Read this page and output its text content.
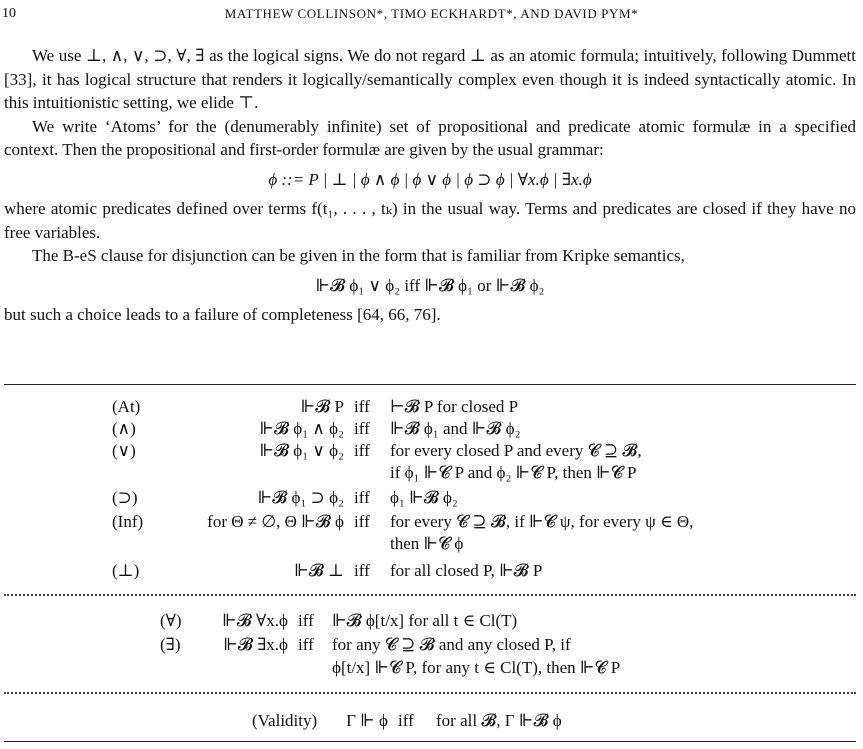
10	MATTHEW COLLINSON*, TIMO ECKHARDT*, AND DAVID PYM*

We use ⊥, ∧, ∨, ⊃, ∀, ∃ as the logical signs. We do not regard ⊥ as an atomic formula; intuitively, following Dummett [33], it has logical structure that renders it logically/semantically complex even though it is indeed syntactically atomic. In this intuitionistic setting, we elide ⊤.

We write ‘Atoms’ for the (denumerably infinite) set of propositional and predicate atomic formulæ in a specified context. Then the propositional and first-order formulæ are given by the usual grammar:

ϕ ::= P | ⊥ | ϕ ∧ ϕ | ϕ ∨ ϕ | ϕ ⊃ ϕ | ∀x.ϕ | ∃x.ϕ

where atomic predicates defined over terms f(t₁, . . . , tₖ) in the usual way. Terms and predicates are closed if they have no free variables.

The B-eS clause for disjunction can be given in the form that is familiar from Kripke semantics,

⊩𝓑 ϕ₁ ∨ ϕ₂ iff ⊩𝓑 ϕ₁ or ⊩𝓑 ϕ₂

but such a choice leads to a failure of completeness [64, 66, 76].

(At)	⊩𝓑 P iff ⊢𝓑 P for closed P
(∧)	⊩𝓑 ϕ₁ ∧ ϕ₂ iff ⊩𝓑 ϕ₁ and ⊩𝓑 ϕ₂
(∨)	⊩𝓑 ϕ₁ ∨ ϕ₂ iff for every closed P and every 𝓒 ⊇ 𝓑,
if ϕ₁ ⊩𝓒 P and ϕ₂ ⊩𝓒 P, then ⊩𝓒 P
(⊃)	⊩𝓑 ϕ₁ ⊃ ϕ₂ iff ϕ₁ ⊩𝓑 ϕ₂
(Inf)	for Θ ≠ ∅, Θ ⊩𝓑 ϕ iff for every 𝓒 ⊇ 𝓑, if ⊩𝓒 ψ, for every ψ ∈ Θ,
then ⊩𝓒 ϕ
(⊥)	⊩𝓑 ⊥ iff for all closed P, ⊩𝓑 P
(∀)	⊩𝓑 ∀x.ϕ iff ⊩𝓑 ϕ[t/x] for all t ∈ Cl(T)
(∃)	⊩𝓑 ∃x.ϕ iff for any 𝓒 ⊇ 𝓑 and any closed P, if
ϕ[t/x] ⊩𝓒 P, for any t ∈ Cl(T), then ⊩𝓒 P
(Validity)	Γ ⊩ ϕ iff for all 𝓑, Γ ⊩𝓑 ϕ
